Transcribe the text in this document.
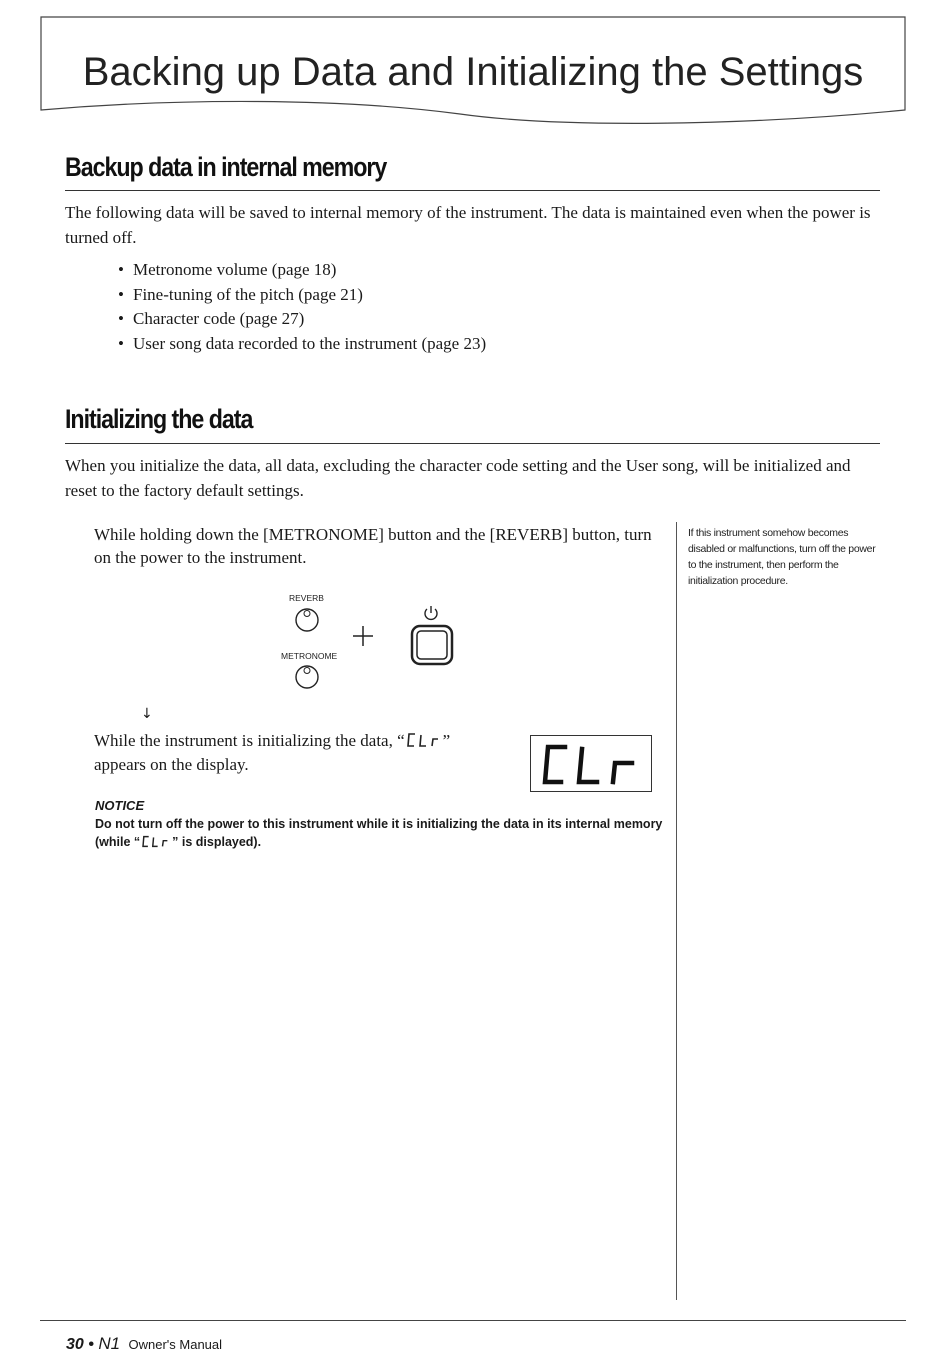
Backing up Data and Initializing the Settings
Backup data in internal memory

The following data will be saved to internal memory of the instrument. The data is maintained even when the power is turned off.

• Metronome volume (page 18)
• Fine-tuning of the pitch (page 21)
• Character code (page 27)
• User song data recorded to the instrument (page 23)
Initializing the data

When you initialize the data, all data, excluding the character code setting and the User song, will be initialized and reset to the factory default settings.

While holding down the [METRONOME] button and the [REVERB] button, turn on the power to the instrument.

REVERB
METRONOME
↓

While the instrument is initializing the data, “ ” appears on the display.

NOTICE

Do not turn off the power to this instrument while it is initializing the data in its internal memory (while “	” is displayed).

If this instrument somehow becomes disabled or malfunctions, turn off the power to the instrument, then perform the initialization procedure.

30 • N1 Owner's Manual
